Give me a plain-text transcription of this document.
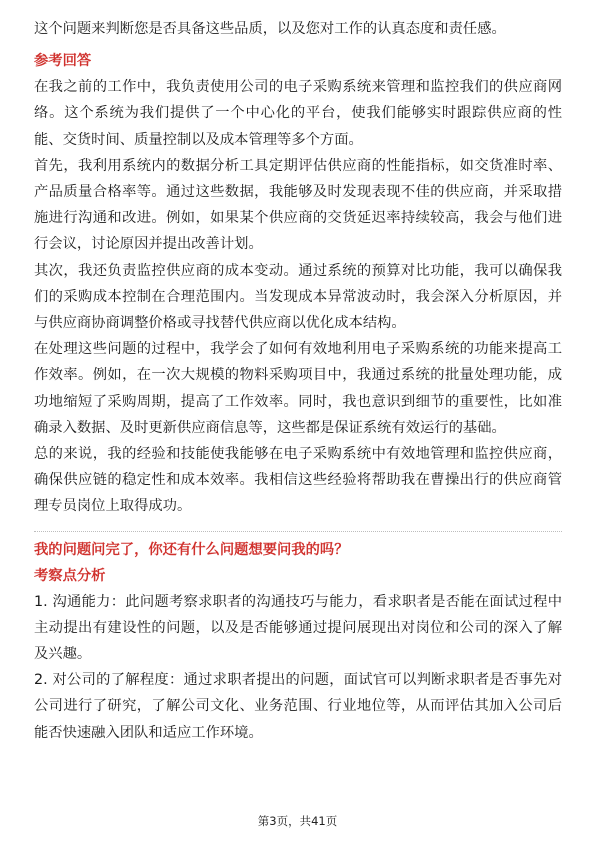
这个问题来判断您是否具备这些品质，以及您对工作的认真态度和责任感。

参考回答

在我之前的工作中，我负责使用公司的电子采购系统来管理和监控我们的供应商网络。这个系统为我们提供了一个中心化的平台，使我们能够实时跟踪供应商的性能、交货时间、质量控制以及成本管理等多个方面。

首先，我利用系统内的数据分析工具定期评估供应商的性能指标，如交货准时率、产品质量合格率等。通过这些数据，我能够及时发现表现不佳的供应商，并采取措施进行沟通和改进。例如，如果某个供应商的交货延迟率持续较高，我会与他们进行会议，讨论原因并提出改善计划。

其次，我还负责监控供应商的成本变动。通过系统的预算对比功能，我可以确保我们的采购成本控制在合理范围内。当发现成本异常波动时，我会深入分析原因，并与供应商协商调整价格或寻找替代供应商以优化成本结构。

在处理这些问题的过程中，我学会了如何有效地利用电子采购系统的功能来提高工作效率。例如，在一次大规模的物料采购项目中，我通过系统的批量处理功能，成功地缩短了采购周期，提高了工作效率。同时，我也意识到细节的重要性，比如准确录入数据、及时更新供应商信息等，这些都是保证系统有效运行的基础。

总的来说，我的经验和技能使我能够在电子采购系统中有效地管理和监控供应商，确保供应链的稳定性和成本效率。我相信这些经验将帮助我在曹操出行的供应商管理专员岗位上取得成功。

我的问题问完了，你还有什么问题想要问我的吗？

考察点分析

1. 沟通能力：此问题考察求职者的沟通技巧与能力，看求职者是否能在面试过程中主动提出有建设性的问题，以及是否能够通过提问展现出对岗位和公司的深入了解及兴趣。

2. 对公司的了解程度：通过求职者提出的问题，面试官可以判断求职者是否事先对公司进行了研究，了解公司文化、业务范围、行业地位等，从而评估其加入公司后能否快速融入团队和适应工作环境。

第3页，共41页
